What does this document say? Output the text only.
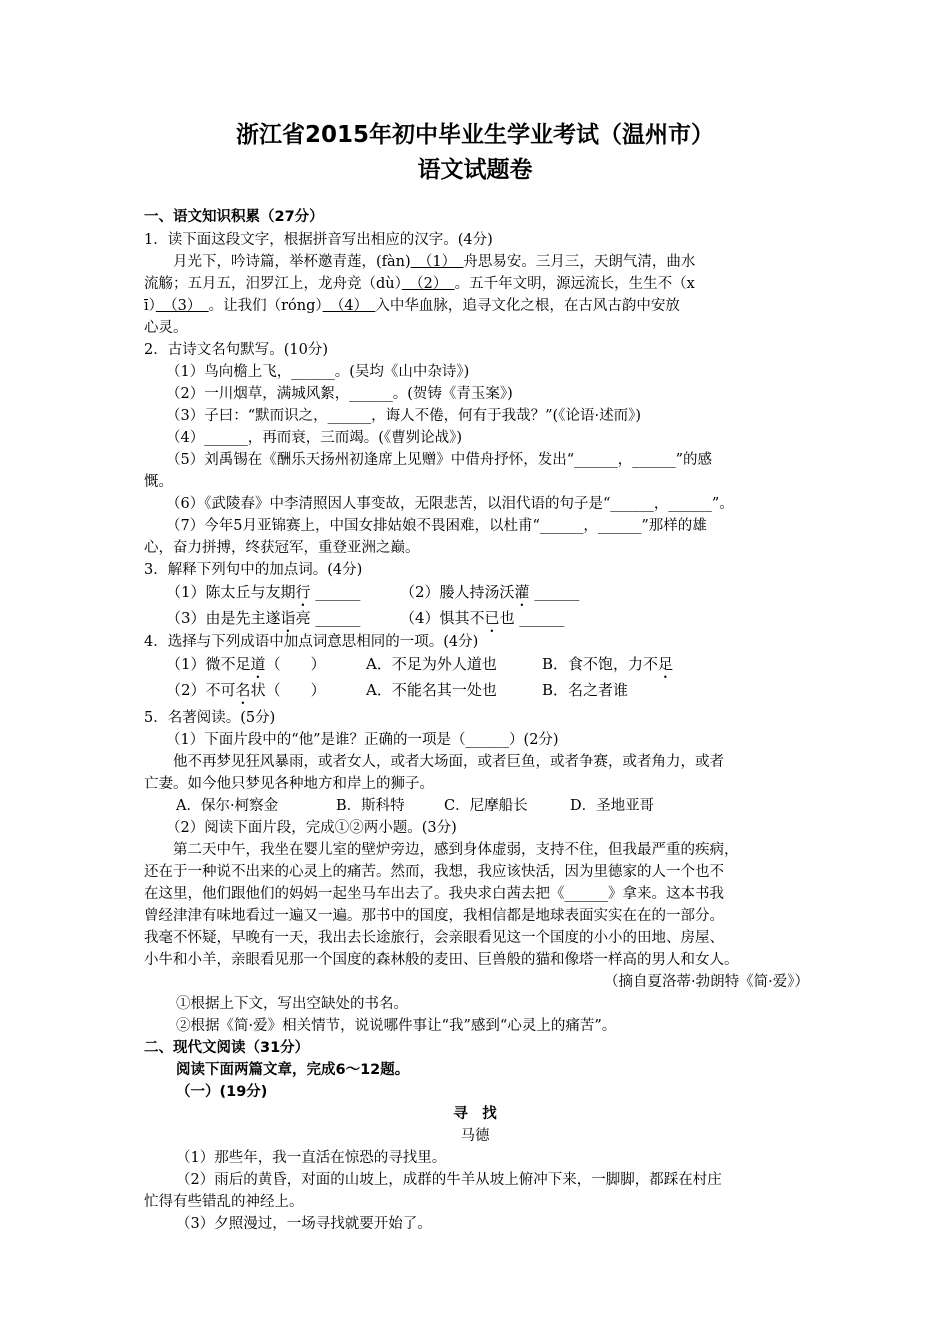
浙江省2015年初中毕业生学业考试（温州市）
语文试题卷
一、语文知识积累（27分）
1．读下面这段文字，根据拼音写出相应的汉字。(4分)
　　月光下，吟诗篇，举杯邀青莲，(fàn)　（1）　舟思易安。三月三，天朗气清，曲水
流觞；五月五，汨罗江上，龙舟竞（dù）　（2）　。五千年文明，源远流长，生生不（x
ī）　（3）　。让我们（róng）　（4）　入中华血脉，追寻文化之根，在古风古韵中安放
心灵。
2．古诗文名句默写。(10分)
（1）鸟向檐上飞，______。(吴均《山中杂诗》)
（2）一川烟草，满城风絮，______。(贺铸《青玉案》)
（3）子曰：“默而识之，______，诲人不倦，何有于我哉？”(《论语·述而》)
（4）______，再而衰，三而竭。(《曹刿论战》)
（5）刘禹锡在《酬乐天扬州初逢席上见赠》中借舟抒怀，发出“______，______”的感
慨。
（6）《武陵春》中李清照因人事变故，无限悲苦，以泪代语的句子是“______，______”。
（7）今年5月亚锦赛上，中国女排姑娘不畏困难，以杜甫“______，______”那样的雄
心，奋力拼搏，终获冠军，重登亚洲之巅。
3．解释下列句中的加点词。(4分)
（1）陈太丘与友期行 ______	（2）媵人持汤沃灌 ______
（3）由是先主遂诣亮 ______	（4）惧其不已也 ______
4．选择与下列成语中加点词意思相同的一项。(4分)
（1）微不足道（　　）	A．不足为外人道也	B．食不饱，力不足
（2）不可名状（　　）	A．不能名其一处也	B．名之者谁
5．名著阅读。(5分)
（1）下面片段中的“他”是谁？正确的一项是（______）(2分)
　　他不再梦见狂风暴雨，或者女人，或者大场面，或者巨鱼，或者争赛，或者角力，或者
亡妻。如今他只梦见各种地方和岸上的狮子。
A．保尔·柯察金	B．斯科特	C．尼摩船长	D．圣地亚哥
（2）阅读下面片段，完成①②两小题。(3分)
　　第二天中午，我坐在婴儿室的壁炉旁边，感到身体虚弱，支持不住，但我最严重的疾病，
还在于一种说不出来的心灵上的痛苦。然而，我想，我应该快活，因为里德家的人一个也不
在这里，他们跟他们的妈妈一起坐马车出去了。我央求白茜去把《______》拿来。这本书我
曾经津津有味地看过一遍又一遍。那书中的国度，我相信都是地球表面实实在在的一部分。
我毫不怀疑，早晚有一天，我出去长途旅行，会亲眼看见这一个国度的小小的田地、房屋、
小牛和小羊，亲眼看见那一个国度的森林般的麦田、巨兽般的猫和像塔一样高的男人和女人。
（摘自夏洛蒂·勃朗特《简·爱》）
①根据上下文，写出空缺处的书名。
②根据《简·爱》相关情节，说说哪件事让“我”感到“心灵上的痛苦”。
二、现代文阅读（31分）
阅读下面两篇文章，完成6～12题。
（一）(19分)
寻　找
马德
（1）那些年，我一直活在惊恐的寻找里。
（2）雨后的黄昏，对面的山坡上，成群的牛羊从坡上俯冲下来，一脚脚，都踩在村庄
忙得有些错乱的神经上。
（3）夕照漫过，一场寻找就要开始了。
